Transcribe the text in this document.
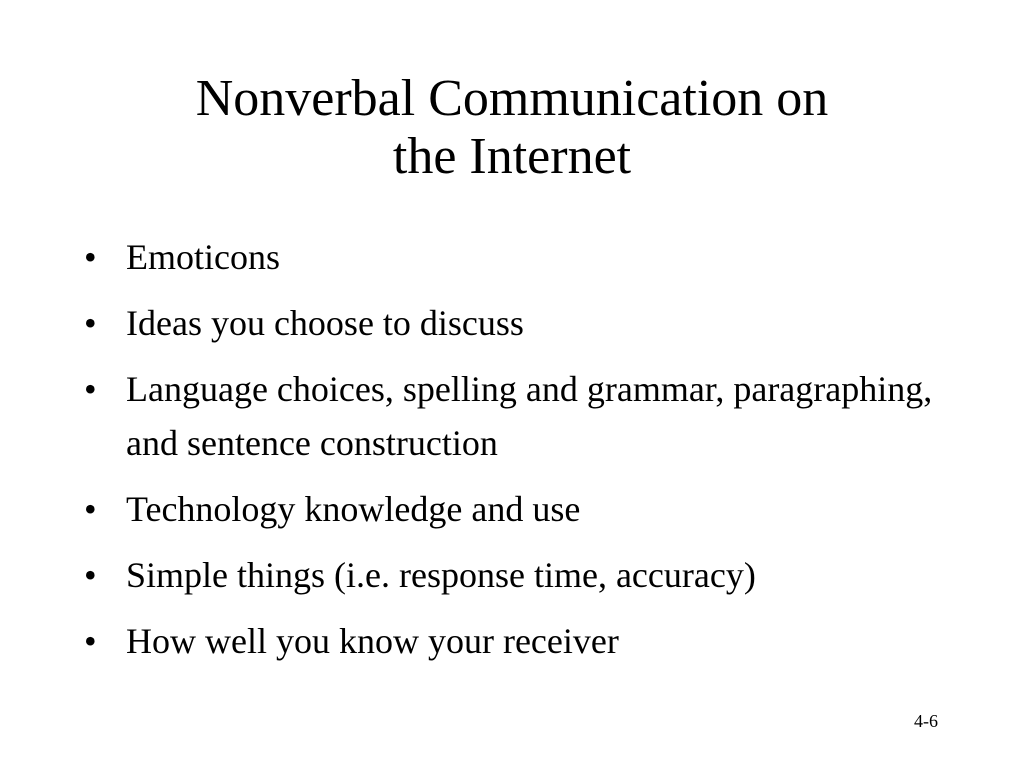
Nonverbal Communication on
the Internet
• Emoticons
• Ideas you choose to discuss
• Language choices, spelling and grammar, paragraphing, and sentence construction
• Technology knowledge and use
• Simple things (i.e. response time, accuracy)
• How well you know your receiver
4-6
